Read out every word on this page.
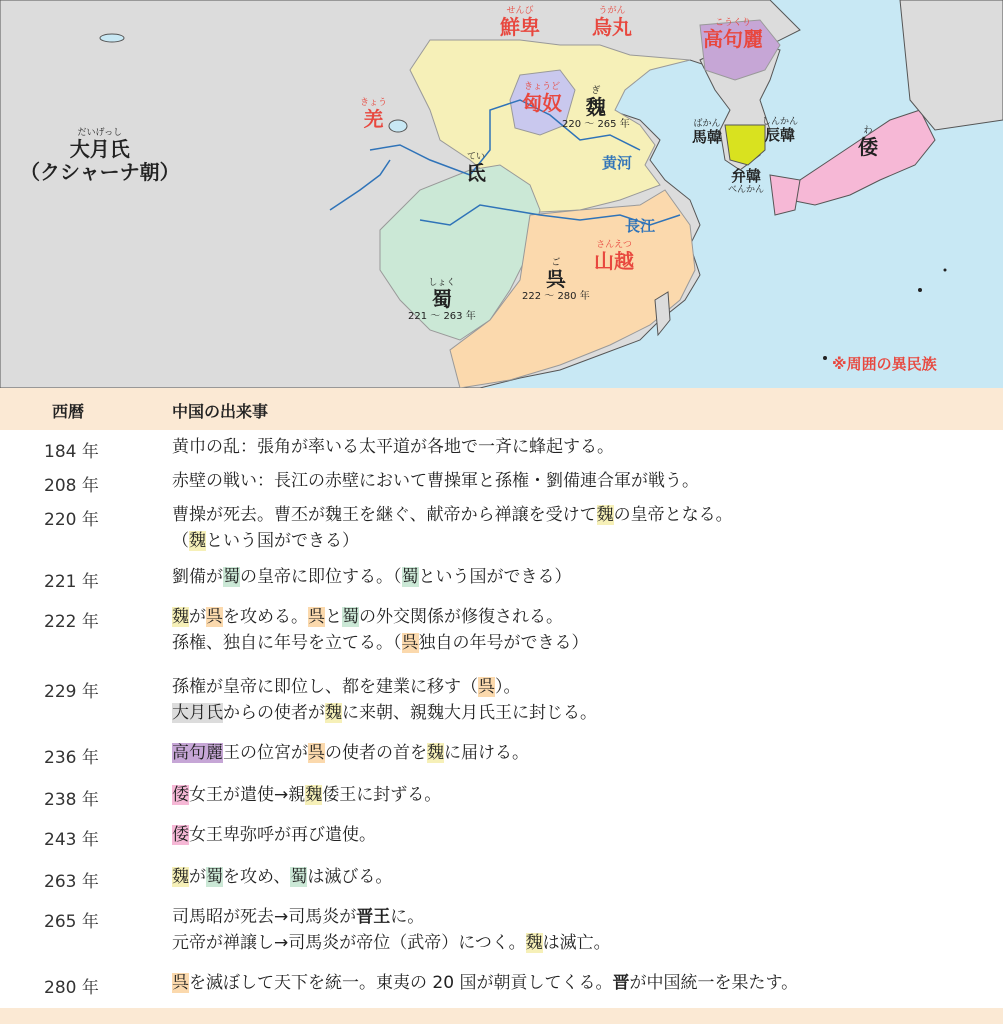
せんび
鮮卑
うがん
烏丸	こうくり
高句麗
きょう
羌
きょうど
匈奴
ぎ
魏
220 ～ 265 年
だいげっし
大月氏
（クシャーナ朝）
てい
氐	黄河
長江
ばかん
馬韓
しんかん
辰韓
弁韓
べんかん
わ
倭
さんえつ
山越
ご
呉
222 ～ 280 年
しょく
蜀
221 ～ 263 年
※周囲の異民族
西暦	中国の出来事
184 年	黄巾の乱：張角が率いる太平道が各地で一斉に蜂起する。
208 年	赤壁の戦い：長江の赤壁において曹操軍と孫権・劉備連合軍が戦う。
220 年	曹操が死去。曹丕が魏王を継ぐ、献帝から禅譲を受けて魏の皇帝となる。
（魏という国ができる）
221 年	劉備が蜀の皇帝に即位する。（蜀という国ができる）
222 年	魏が呉を攻める。呉と蜀の外交関係が修復される。
孫権、独自に年号を立てる。（呉独自の年号ができる）
229 年	孫権が皇帝に即位し、都を建業に移す（呉）。
大月氏からの使者が魏に来朝、親魏大月氏王に封じる。
236 年	高句麗王の位宮が呉の使者の首を魏に届ける。
238 年	倭女王が遣使→親魏倭王に封ずる。
243 年	倭女王卑弥呼が再び遣使。
263 年	魏が蜀を攻め、蜀は滅びる。
265 年	司馬昭が死去→司馬炎が晋王に。
元帝が禅譲し→司馬炎が帝位（武帝）につく。魏は滅亡。
280 年	呉を滅ぼして天下を統一。東夷の 20 国が朝貢してくる。晋が中国統一を果たす。
